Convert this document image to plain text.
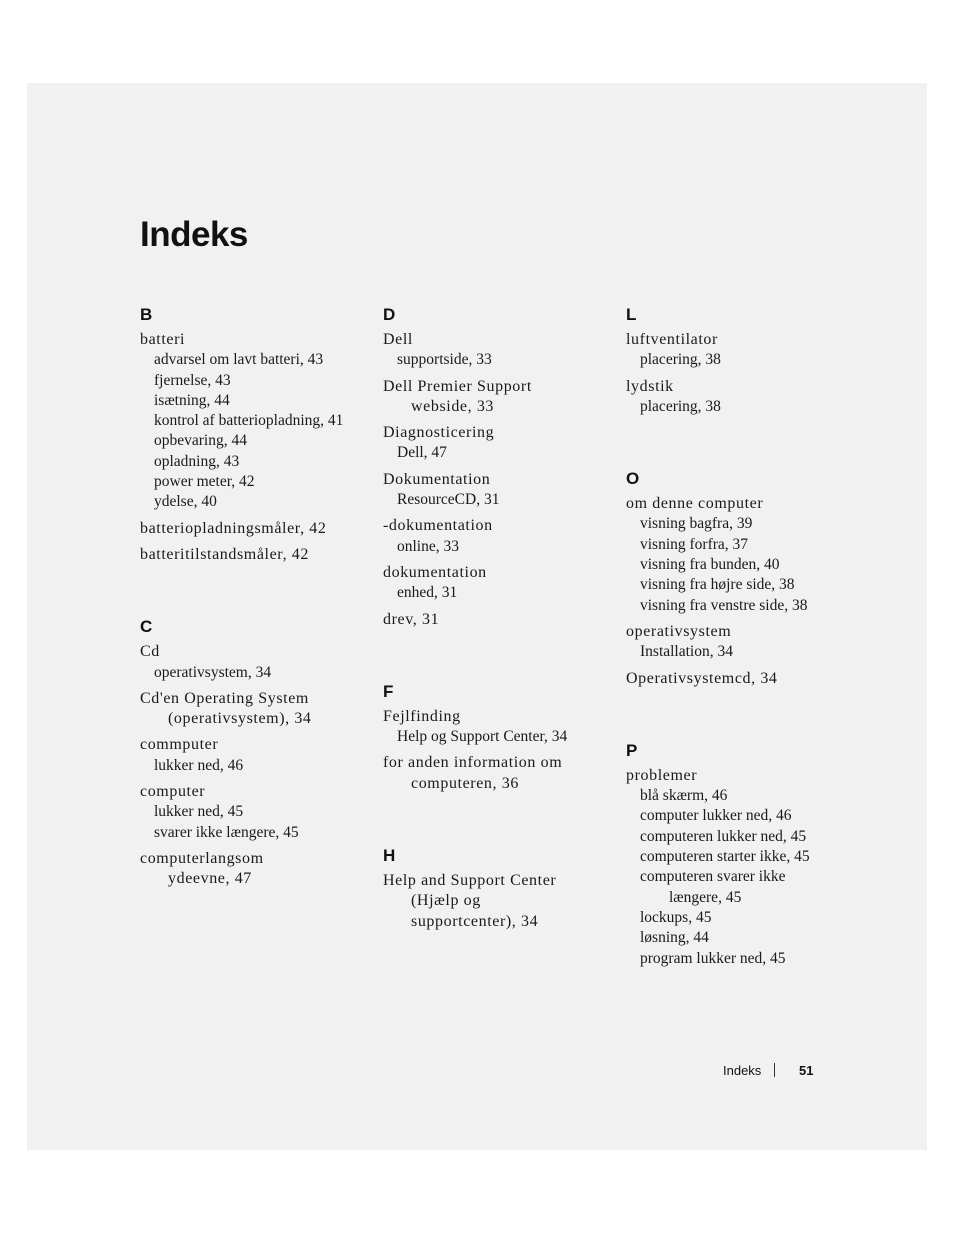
Indeks
B
batteri
advarsel om lavt batteri, 43
fjernelse, 43
isætning, 44
kontrol af batteriopladning, 41
opbevaring, 44
opladning, 43
power meter, 42
ydelse, 40
batteriopladningsmåler, 42
batteritilstandsmåler, 42
C
Cd
operativsystem, 34
Cd'en Operating System
(operativsystem), 34
commputer
lukker ned, 46
computer
lukker ned, 45
svarer ikke længere, 45
computerlangsom
ydeevne, 47
D
Dell
supportside, 33
Dell Premier Support
webside, 33
Diagnosticering
Dell, 47
Dokumentation
ResourceCD, 31
-dokumentation
online, 33
dokumentation
enhed, 31
drev, 31
F
Fejlfinding
Help og Support Center, 34
for anden information om
computeren, 36
H
Help and Support Center
(Hjælp og
supportcenter), 34
L
luftventilator
placering, 38
lydstik
placering, 38
O
om denne computer
visning bagfra, 39
visning forfra, 37
visning fra bunden, 40
visning fra højre side, 38
visning fra venstre side, 38
operativsystem
Installation, 34
Operativsystemcd, 34
P
problemer
blå skærm, 46
computer lukker ned, 46
computeren lukker ned, 45
computeren starter ikke, 45
computeren svarer ikke
længere, 45
lockups, 45
løsning, 44
program lukker ned, 45
Indeks	51
